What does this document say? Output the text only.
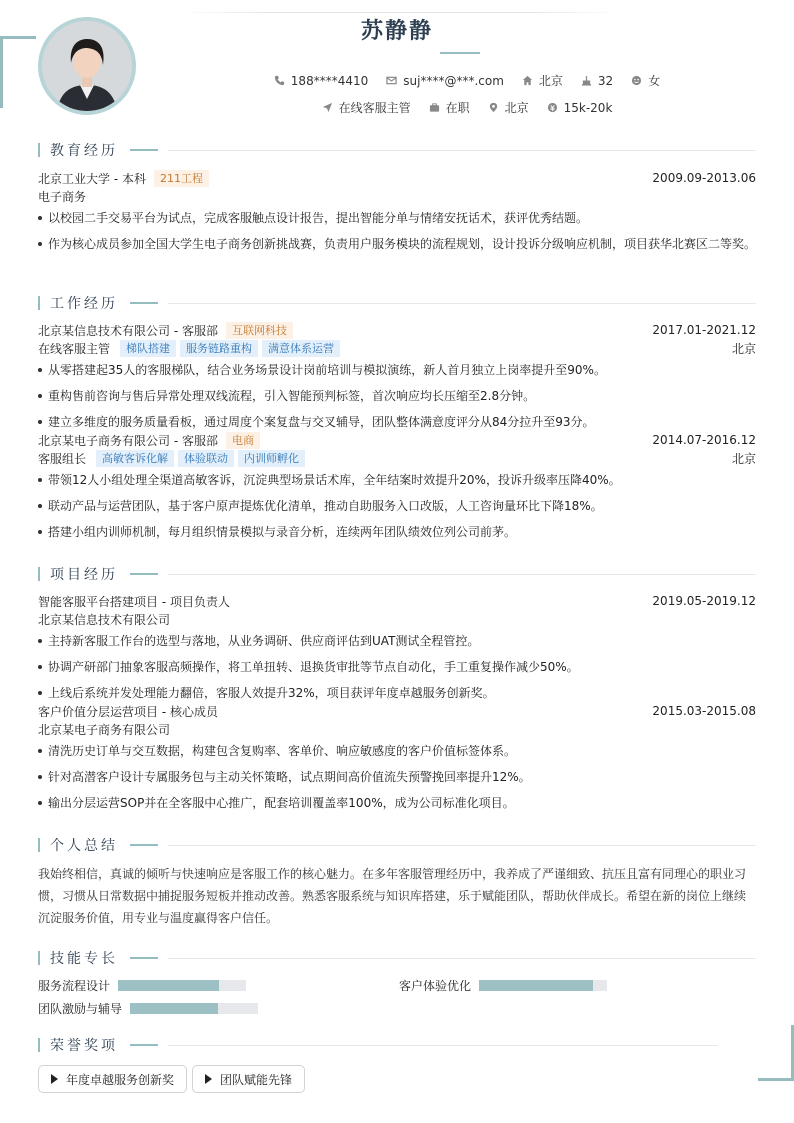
苏静静
188****4410	suj****@***.com	北京	32	女
在线客服主管	在职	北京	15k-20k
教育经历
北京工业大学 - 本科	211工程	2009.09-2013.06
电子商务
以校园二手交易平台为试点，完成客服触点设计报告，提出智能分单与情绪安抚话术，获评优秀结题。
作为核心成员参加全国大学生电子商务创新挑战赛，负责用户服务模块的流程规划，设计投诉分级响应机制，项目获华北赛区二等奖。
工作经历
北京某信息技术有限公司 - 客服部	互联网科技	2017.01-2021.12
在线客服主管	梯队搭建	服务链路重构	满意体系运营	北京
从零搭建起35人的客服梯队，结合业务场景设计岗前培训与模拟演练，新人首月独立上岗率提升至90%。
重构售前咨询与售后异常处理双线流程，引入智能预判标签，首次响应均长压缩至2.8分钟。
建立多维度的服务质量看板，通过周度个案复盘与交叉辅导，团队整体满意度评分从84分拉升至93分。
北京某电子商务有限公司 - 客服部	电商	2014.07-2016.12
客服组长	高敏客诉化解	体验联动	内训师孵化	北京
带领12人小组处理全渠道高敏客诉，沉淀典型场景话术库，全年结案时效提升20%，投诉升级率压降40%。
联动产品与运营团队，基于客户原声提炼优化清单，推动自助服务入口改版，人工咨询量环比下降18%。
搭建小组内训师机制，每月组织情景模拟与录音分析，连续两年团队绩效位列公司前茅。
项目经历
智能客服平台搭建项目 - 项目负责人	2019.05-2019.12
北京某信息技术有限公司
主持新客服工作台的选型与落地，从业务调研、供应商评估到UAT测试全程管控。
协调产研部门抽象客服高频操作，将工单扭转、退换货审批等节点自动化，手工重复操作减少50%。
上线后系统并发处理能力翻倍，客服人效提升32%，项目获评年度卓越服务创新奖。
客户价值分层运营项目 - 核心成员	2015.03-2015.08
北京某电子商务有限公司
清洗历史订单与交互数据，构建包含复购率、客单价、响应敏感度的客户价值标签体系。
针对高潜客户设计专属服务包与主动关怀策略，试点期间高价值流失预警挽回率提升12%。
输出分层运营SOP并在全客服中心推广，配套培训覆盖率100%，成为公司标准化项目。
个人总结
我始终相信，真诚的倾听与快速响应是客服工作的核心魅力。在多年客服管理经历中，我养成了严谨细致、抗压且富有同理心的职业习惯，习惯从日常数据中捕捉服务短板并推动改善。熟悉客服系统与知识库搭建，乐于赋能团队，帮助伙伴成长。希望在新的岗位上继续沉淀服务价值，用专业与温度赢得客户信任。
技能专长
服务流程设计	客户体验优化
团队激励与辅导
荣誉奖项
年度卓越服务创新奖	团队赋能先锋
